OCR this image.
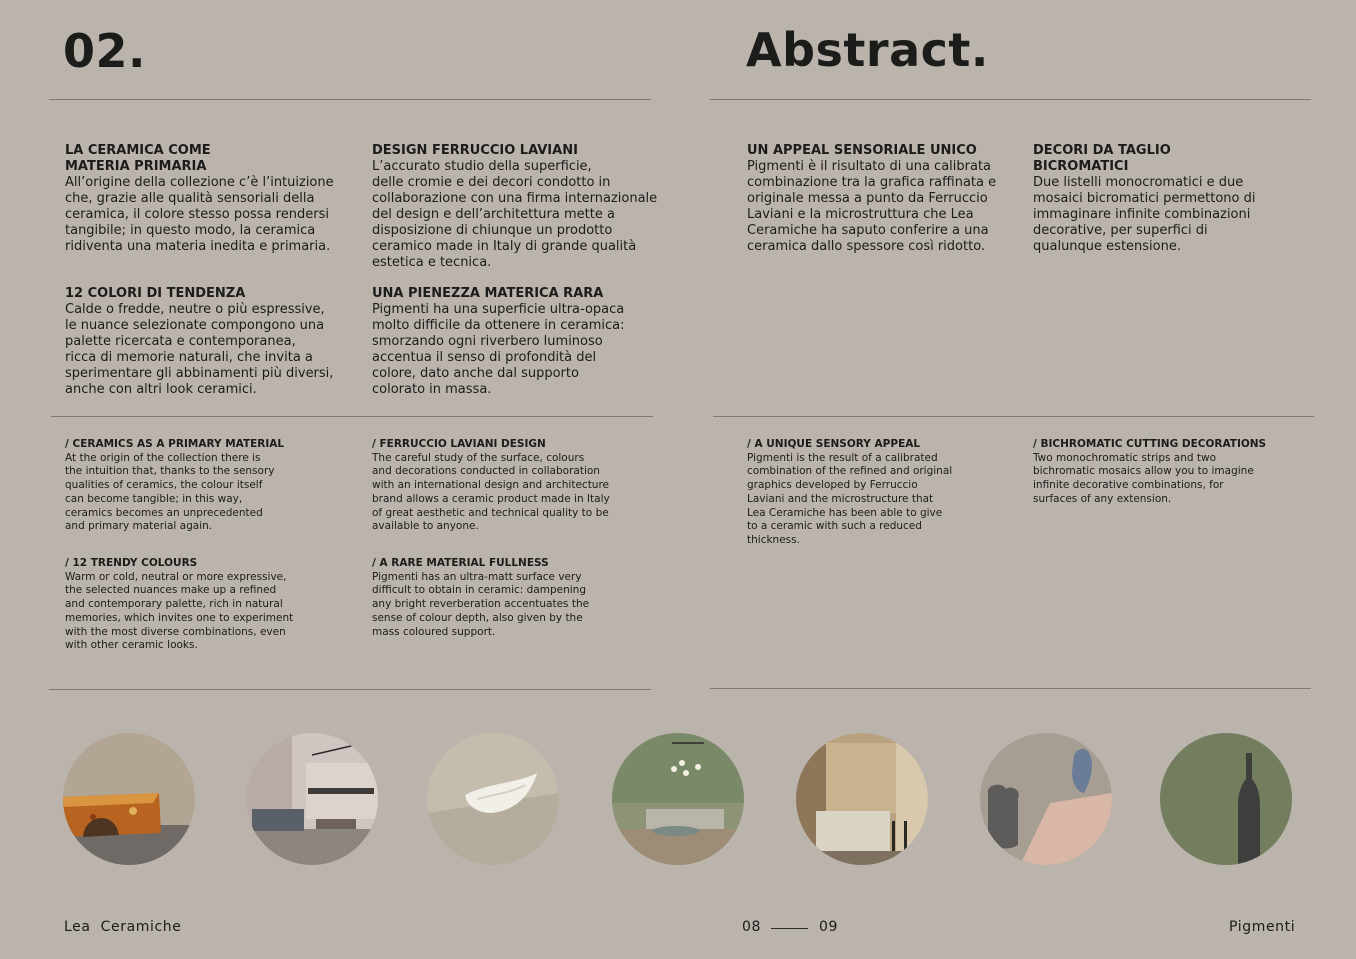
02.	Abstract.
LA CERAMICA COME
MATERIA PRIMARIA
All’origine della collezione c’è l’intuizione
che, grazie alle qualità sensoriali della
ceramica, il colore stesso possa rendersi
tangibile; in questo modo, la ceramica
ridiventa una materia inedita e primaria.
12 COLORI DI TENDENZA
Calde o fredde, neutre o più espressive,
le nuance selezionate compongono una
palette ricercata e contemporanea,
ricca di memorie naturali, che invita a
sperimentare gli abbinamenti più diversi,
anche con altri look ceramici.
DESIGN FERRUCCIO LAVIANI
L’accurato studio della superficie,
delle cromie e dei decori condotto in
collaborazione con una firma internazionale
del design e dell’architettura mette a
disposizione di chiunque un prodotto
ceramico made in Italy di grande qualità
estetica e tecnica.
UNA PIENEZZA MATERICA RARA
Pigmenti ha una superficie ultra-opaca
molto difficile da ottenere in ceramica:
smorzando ogni riverbero luminoso
accentua il senso di profondità del
colore, dato anche dal supporto
colorato in massa.
UN APPEAL SENSORIALE UNICO
Pigmenti è il risultato di una calibrata
combinazione tra la grafica raffinata e
originale messa a punto da Ferruccio
Laviani e la microstruttura che Lea
Ceramiche ha saputo conferire a una
ceramica dallo spessore così ridotto.
DECORI DA TAGLIO
BICROMATICI
Due listelli monocromatici e due
mosaici bicromatici permettono di
immaginare infinite combinazioni
decorative, per superfici di
qualunque estensione.
/ CERAMICS AS A PRIMARY MATERIAL
At the origin of the collection there is
the intuition that, thanks to the sensory
qualities of ceramics, the colour itself
can become tangible; in this way,
ceramics becomes an unprecedented
and primary material again.
/ 12 TRENDY COLOURS
Warm or cold, neutral or more expressive,
the selected nuances make up a refined
and contemporary palette, rich in natural
memories, which invites one to experiment
with the most diverse combinations, even
with other ceramic looks.
/ FERRUCCIO LAVIANI DESIGN
The careful study of the surface, colours
and decorations conducted in collaboration
with an international design and architecture
brand allows a ceramic product made in Italy
of great aesthetic and technical quality to be
available to anyone.
/ A RARE MATERIAL FULLNESS
Pigmenti has an ultra-matt surface very
difficult to obtain in ceramic: dampening
any bright reverberation accentuates the
sense of colour depth, also given by the
mass coloured support.
/ A UNIQUE SENSORY APPEAL
Pigmenti is the result of a calibrated
combination of the refined and original
graphics developed by Ferruccio
Laviani and the microstructure that
Lea Ceramiche has been able to give
to a ceramic with such a reduced
thickness.
/ BICHROMATIC CUTTING DECORATIONS
Two monochromatic strips and two
bichromatic mosaics allow you to imagine
infinite decorative combinations, for
surfaces of any extension.
Lea  Ceramiche	08	09	Pigmenti
